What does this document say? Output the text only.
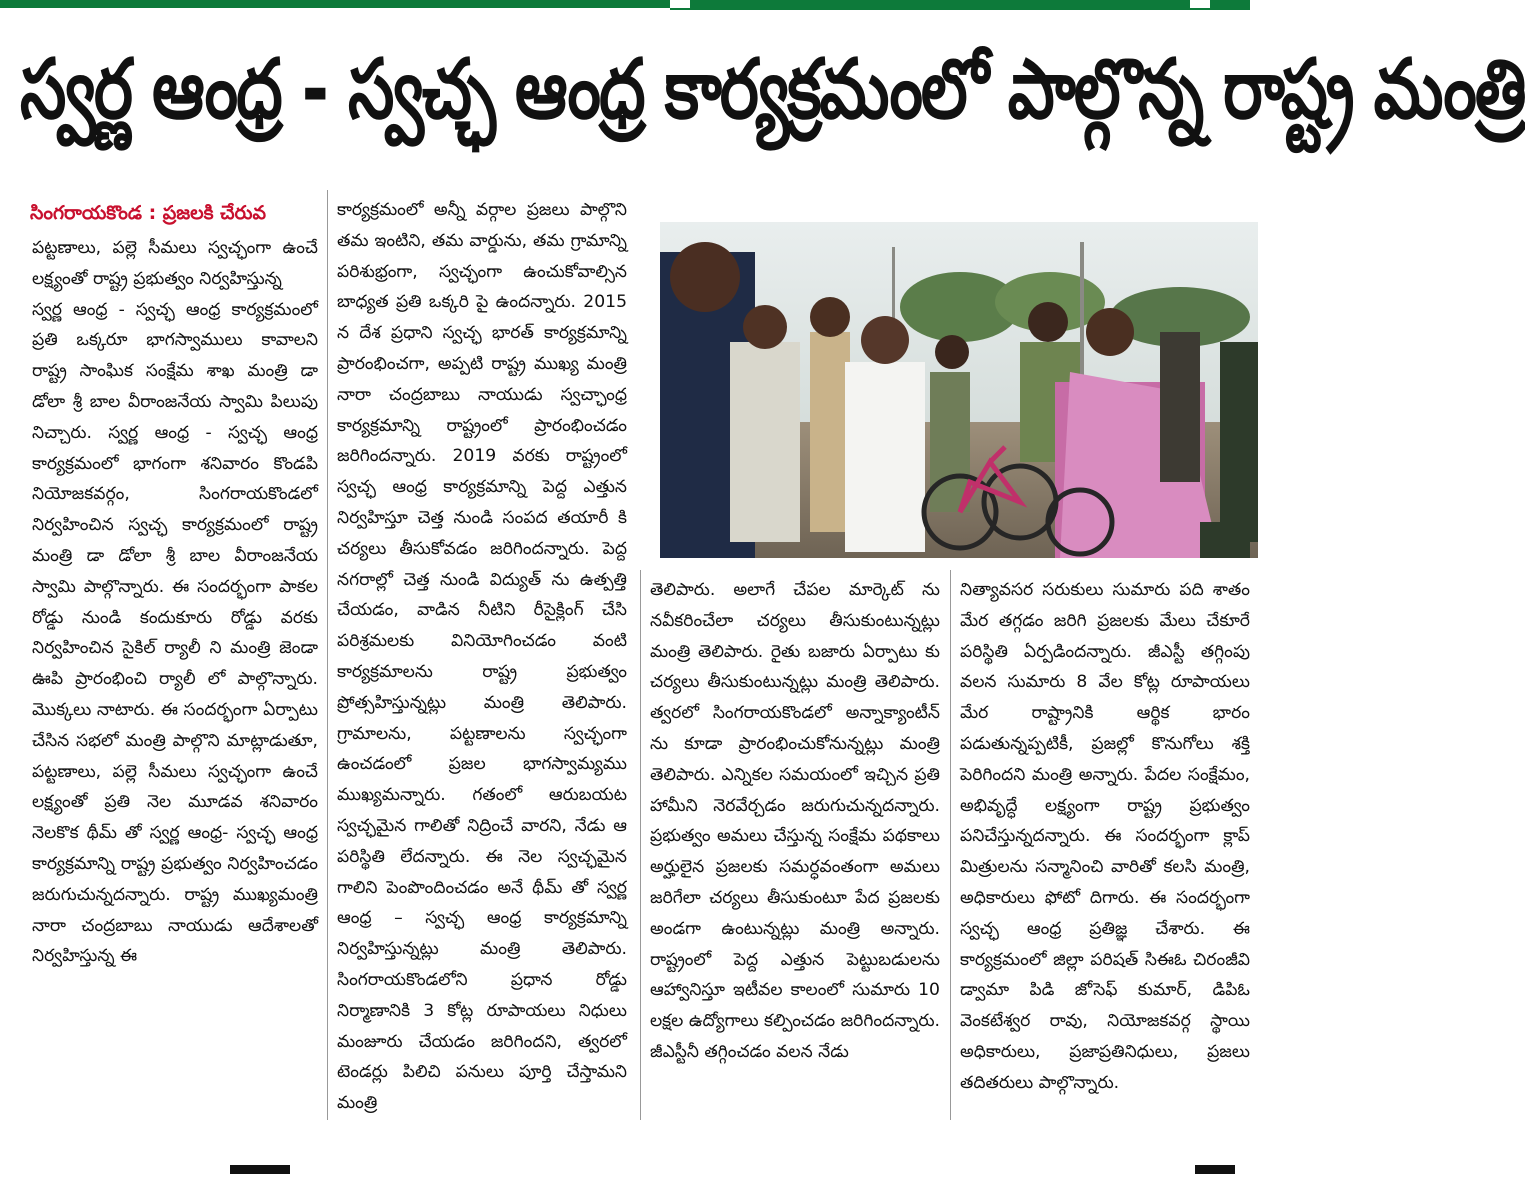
స్వర్ణ ఆంధ్ర - స్వచ్ఛ ఆంధ్ర కార్యక్రమంలో పాల్గొన్న రాష్ట్ర మంత్రి
సింగరాయకొండ : ప్రజలకి చేరువ
పట్టణాలు, పల్లె సీమలు స్వచ్ఛంగా ఉంచే లక్ష్యంతో రాష్ట్ర ప్రభుత్వం నిర్వహిస్తున్న
స్వర్ణ ఆంధ్ర - స్వచ్ఛ ఆంధ్ర కార్యక్రమంలో ప్రతి ఒక్కరూ భాగస్వాములు కావాలని రాష్ట్ర సాంఘిక సంక్షేమ శాఖ మంత్రి డా డోలా శ్రీ బాల వీరాంజనేయ స్వామి పిలుపు నిచ్చారు. స్వర్ణ ఆంధ్ర - స్వచ్ఛ ఆంధ్ర కార్యక్రమంలో భాగంగా శనివారం కొండపి నియోజకవర్గం, సింగరాయకొండలో నిర్వహించిన స్వచ్ఛ కార్యక్రమంలో రాష్ట్ర మంత్రి డా డోలా శ్రీ బాల వీరాంజనేయ స్వామి పాల్గొన్నారు. ఈ సందర్భంగా పాకల రోడ్డు నుండి కందుకూరు రోడ్డు వరకు నిర్వహించిన సైకిల్ ర్యాలీ ని మంత్రి జెండా ఊపి ప్రారంభించి ర్యాలీ లో పాల్గొన్నారు. మొక్కలు నాటారు. ఈ సందర్భంగా ఏర్పాటు చేసిన సభలో మంత్రి పాల్గొని మాట్లాడుతూ, పట్టణాలు, పల్లె సీమలు స్వచ్ఛంగా ఉంచే లక్ష్యంతో ప్రతి నెల మూడవ శనివారం నెలకొక థీమ్ తో స్వర్ణ ఆంధ్ర- స్వచ్ఛ ఆంధ్ర కార్యక్రమాన్ని రాష్ట్ర ప్రభుత్వం నిర్వహించడం జరుగుచున్నదన్నారు. రాష్ట్ర ముఖ్యమంత్రి నారా చంద్రబాబు నాయుడు ఆదేశాలతో నిర్వహిస్తున్న ఈ
కార్యక్రమంలో అన్నీ వర్గాల ప్రజలు పాల్గొని తమ ఇంటిని, తమ వార్డును, తమ గ్రామాన్ని పరిశుభ్రంగా, స్వచ్ఛంగా ఉంచుకోవాల్సిన బాధ్యత ప్రతి ఒక్కరి పై ఉందన్నారు. 2015 న దేశ ప్రధాని స్వచ్ఛ భారత్ కార్యక్రమాన్ని ప్రారంభించగా, అప్పటి రాష్ట్ర ముఖ్య మంత్రి నారా చంద్రబాబు నాయుడు స్వచ్ఛాంధ్ర కార్యక్రమాన్ని రాష్ట్రంలో ప్రారంభించడం జరిగిందన్నారు. 2019 వరకు రాష్ట్రంలో స్వచ్ఛ ఆంధ్ర కార్యక్రమాన్ని పెద్ద ఎత్తున నిర్వహిస్తూ చెత్త నుండి సంపద తయారీ కి చర్యలు తీసుకోవడం జరిగిందన్నారు. పెద్ద నగరాల్లో చెత్త నుండి విద్యుత్ ను ఉత్పత్తి చేయడం, వాడిన నీటిని రీసైక్లింగ్ చేసి పరిశ్రమలకు వినియోగించడం వంటి కార్యక్రమాలను రాష్ట్ర ప్రభుత్వం ప్రోత్సహిస్తున్నట్లు మంత్రి తెలిపారు. గ్రామాలను, పట్టణాలను స్వచ్ఛంగా ఉంచడంలో ప్రజల భాగస్వామ్యము ముఖ్యమన్నారు. గతంలో ఆరుబయట స్వచ్ఛమైన గాలితో నిద్రించే వారని, నేడు ఆ పరిస్థితి లేదన్నారు. ఈ నెల స్వచ్ఛమైన గాలిని పెంపొందించడం అనే థీమ్ తో స్వర్ణ ఆంధ్ర – స్వచ్ఛ ఆంధ్ర కార్యక్రమాన్ని నిర్వహిస్తున్నట్లు మంత్రి తెలిపారు. సింగరాయకొండలోని ప్రధాన రోడ్డు నిర్మాణానికి 3 కోట్ల రూపాయలు నిధులు మంజూరు చేయడం జరిగిందని, త్వరలో టెండర్లు పిలిచి పనులు పూర్తి చేస్తామని మంత్రి
తెలిపారు. అలాగే చేపల మార్కెట్ ను నవీకరించేలా చర్యలు తీసుకుంటున్నట్లు మంత్రి తెలిపారు. రైతు బజారు ఏర్పాటు కు చర్యలు తీసుకుంటున్నట్లు మంత్రి తెలిపారు. త్వరలో సింగరాయకొండలో అన్నాక్యాంటీన్ ను కూడా ప్రారంభించుకోనున్నట్లు మంత్రి తెలిపారు. ఎన్నికల సమయంలో ఇచ్చిన ప్రతి హామీని నెరవేర్చడం జరుగుచున్నదన్నారు. ప్రభుత్వం అమలు చేస్తున్న సంక్షేమ పథకాలు అర్హులైన ప్రజలకు సమర్ధవంతంగా అమలు జరిగేలా చర్యలు తీసుకుంటూ పేద ప్రజలకు అండగా ఉంటున్నట్లు మంత్రి అన్నారు. రాష్ట్రంలో పెద్ద ఎత్తున పెట్టుబడులను ఆహ్వానిస్తూ ఇటీవల కాలంలో సుమారు 10 లక్షల ఉద్యోగాలు కల్పించడం జరిగిందన్నారు. జీఎస్టీనీ తగ్గించడం వలన నేడు
నిత్యావసర సరుకులు సుమారు పది శాతం మేర తగ్గడం జరిగి ప్రజలకు మేలు చేకూరే పరిస్థితి ఏర్పడిందన్నారు. జీఎస్టీ తగ్గింపు వలన సుమారు 8 వేల కోట్ల రూపాయలు మేర రాష్ట్రానికి ఆర్థిక భారం పడుతున్నప్పటికీ, ప్రజల్లో కొనుగోలు శక్తి పెరిగిందని మంత్రి అన్నారు. పేదల సంక్షేమం, అభివృద్ధే లక్ష్యంగా రాష్ట్ర ప్రభుత్వం పనిచేస్తున్నదన్నారు. ఈ సందర్భంగా క్లాప్ మిత్రులను సన్మానించి వారితో కలసి మంత్రి, అధికారులు ఫోటో దిగారు. ఈ సందర్భంగా స్వచ్ఛ ఆంధ్ర ప్రతిజ్ఞ చేశారు. ఈ కార్యక్రమంలో జిల్లా పరిషత్ సిఈఓ చిరంజీవి డ్వామా పిడి జోసెఫ్ కుమార్, డిపిఓ వెంకటేశ్వర రావు, నియోజకవర్గ స్థాయి అధికారులు, ప్రజాప్రతినిధులు, ప్రజలు తదితరులు పాల్గొన్నారు.
